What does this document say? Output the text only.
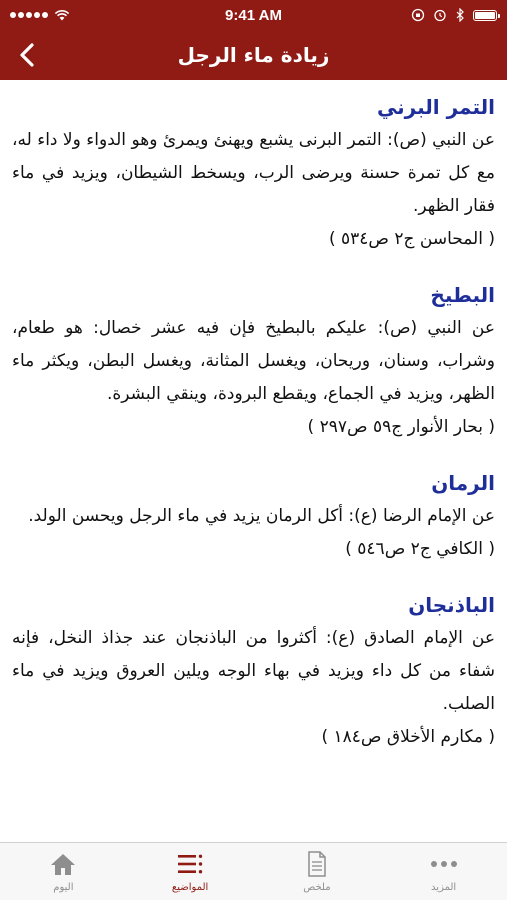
9:41 AM
زيادة ماء الرجل
التمر البرني
عن النبي (ص): التمر البرنى يشبع ويهنئ ويمرئ وهو الدواء ولا داء له، مع كل تمرة حسنة ويرضى الرب، ويسخط الشيطان، ويزيد في ماء فقار الظهر.
( المحاسن ج٢ ص٥٣٤ )
البطيخ
عن النبي (ص): عليكم بالبطيخ فإن فيه عشر خصال: هو طعام، وشراب، وسنان، وريحان، ويغسل المثانة، ويغسل البطن، ويكثر ماء الظهر، ويزيد في الجماع، ويقطع البرودة، وينقي البشرة.
( بحار الأنوار ج٥٩ ص٢٩٧ )
الرمان
عن الإمام الرضا (ع): أكل الرمان يزيد في ماء الرجل ويحسن الولد.
( الكافي ج٢ ص٥٤٦ )
الباذنجان
عن الإمام الصادق (ع): أكثروا من الباذنجان عند جذاذ النخل، فإنه شفاء من كل داء ويزيد في بهاء الوجه ويلين العروق ويزيد في ماء الصلب.
( مكارم الأخلاق ص١٨٤ )
اليوم	المواضيع	ملخص	المزيد
